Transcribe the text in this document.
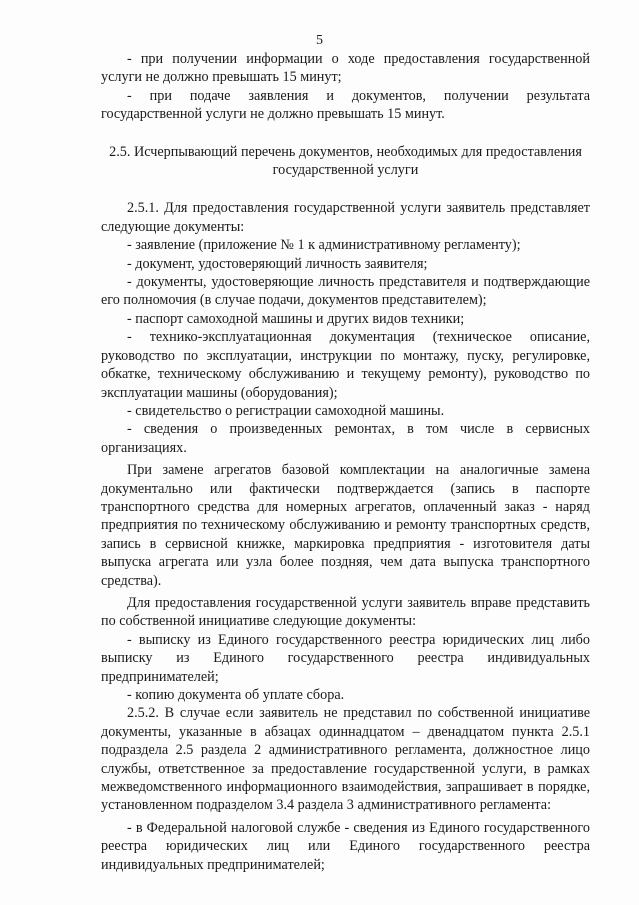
5

- при получении информации о ходе предоставления государственной услуги не должно превышать 15 минут;

- при подаче заявления и документов, получении результата государственной услуги не должно превышать 15 минут.

2.5. Исчерпывающий перечень документов, необходимых для предоставления государственной услуги

2.5.1. Для предоставления государственной услуги заявитель представляет следующие документы:

- заявление (приложение № 1 к административному регламенту);

- документ, удостоверяющий личность заявителя;

- документы, удостоверяющие личность представителя и подтверждающие его полномочия (в случае подачи, документов представителем);

- паспорт самоходной машины и других видов техники;

- технико-эксплуатационная документация (техническое описание, руководство по эксплуатации, инструкции по монтажу, пуску, регулировке, обкатке, техническому обслуживанию и текущему ремонту), руководство по эксплуатации машины (оборудования);

- свидетельство о регистрации самоходной машины.

- сведения о произведенных ремонтах, в том числе в сервисных организациях.

При замене агрегатов базовой комплектации на аналогичные замена документально или фактически подтверждается (запись в паспорте транспортного средства для номерных агрегатов, оплаченный заказ - наряд предприятия по техническому обслуживанию и ремонту транспортных средств, запись в сервисной книжке, маркировка предприятия - изготовителя даты выпуска агрегата или узла более поздняя, чем дата выпуска транспортного средства).

Для предоставления государственной услуги заявитель вправе представить по собственной инициативе следующие документы:

- выписку из Единого государственного реестра юридических лиц либо выписку из Единого государственного реестра индивидуальных предпринимателей;

- копию документа об уплате сбора.

2.5.2. В случае если заявитель не представил по собственной инициативе документы, указанные в абзацах одиннадцатом – двенадцатом пункта 2.5.1 подраздела 2.5 раздела 2 административного регламента, должностное лицо службы, ответственное за предоставление государственной услуги, в рамках межведомственного информационного взаимодействия, запрашивает в порядке, установленном подразделом 3.4 раздела 3 административного регламента:

- в Федеральной налоговой службе - сведения из Единого государственного реестра юридических лиц или Единого государственного реестра индивидуальных предпринимателей;
